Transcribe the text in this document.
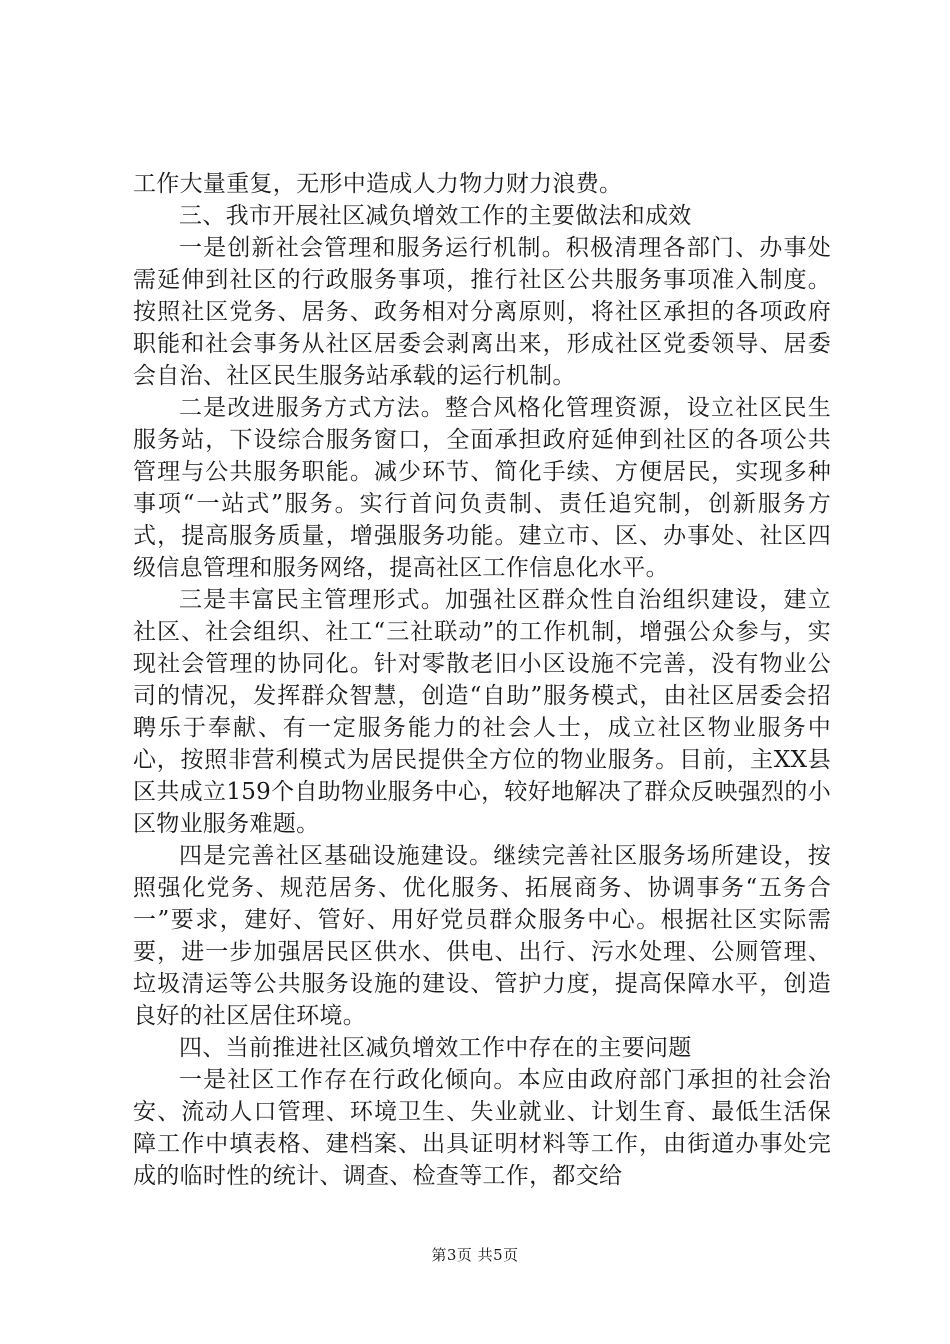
工作大量重复，无形中造成人力物力财力浪费。

三、我市开展社区减负增效工作的主要做法和成效

一是创新社会管理和服务运行机制。积极清理各部门、办事处需延伸到社区的行政服务事项，推行社区公共服务事项准入制度。按照社区党务、居务、政务相对分离原则，将社区承担的各项政府职能和社会事务从社区居委会剥离出来，形成社区党委领导、居委会自治、社区民生服务站承载的运行机制。

二是改进服务方式方法。整合风格化管理资源，设立社区民生服务站，下设综合服务窗口，全面承担政府延伸到社区的各项公共管理与公共服务职能。减少环节、简化手续、方便居民，实现多种事项“一站式”服务。实行首问负责制、责任追究制，创新服务方式，提高服务质量，增强服务功能。建立市、区、办事处、社区四级信息管理和服务网络，提高社区工作信息化水平。

三是丰富民主管理形式。加强社区群众性自治组织建设，建立社区、社会组织、社工“三社联动”的工作机制，增强公众参与，实现社会管理的协同化。针对零散老旧小区设施不完善，没有物业公司的情况，发挥群众智慧，创造“自助”服务模式，由社区居委会招聘乐于奉献、有一定服务能力的社会人士，成立社区物业服务中心，按照非营利模式为居民提供全方位的物业服务。目前，主XX县区共成立159个自助物业服务中心，较好地解决了群众反映强烈的小区物业服务难题。

四是完善社区基础设施建设。继续完善社区服务场所建设，按照强化党务、规范居务、优化服务、拓展商务、协调事务“五务合一”要求，建好、管好、用好党员群众服务中心。根据社区实际需要，进一步加强居民区供水、供电、出行、污水处理、公厕管理、垃圾清运等公共服务设施的建设、管护力度，提高保障水平，创造良好的社区居住环境。

四、当前推进社区减负增效工作中存在的主要问题

一是社区工作存在行政化倾向。本应由政府部门承担的社会治安、流动人口管理、环境卫生、失业就业、计划生育、最低生活保障工作中填表格、建档案、出具证明材料等工作，由街道办事处完成的临时性的统计、调查、检查等工作，都交给

第3页 共5页
